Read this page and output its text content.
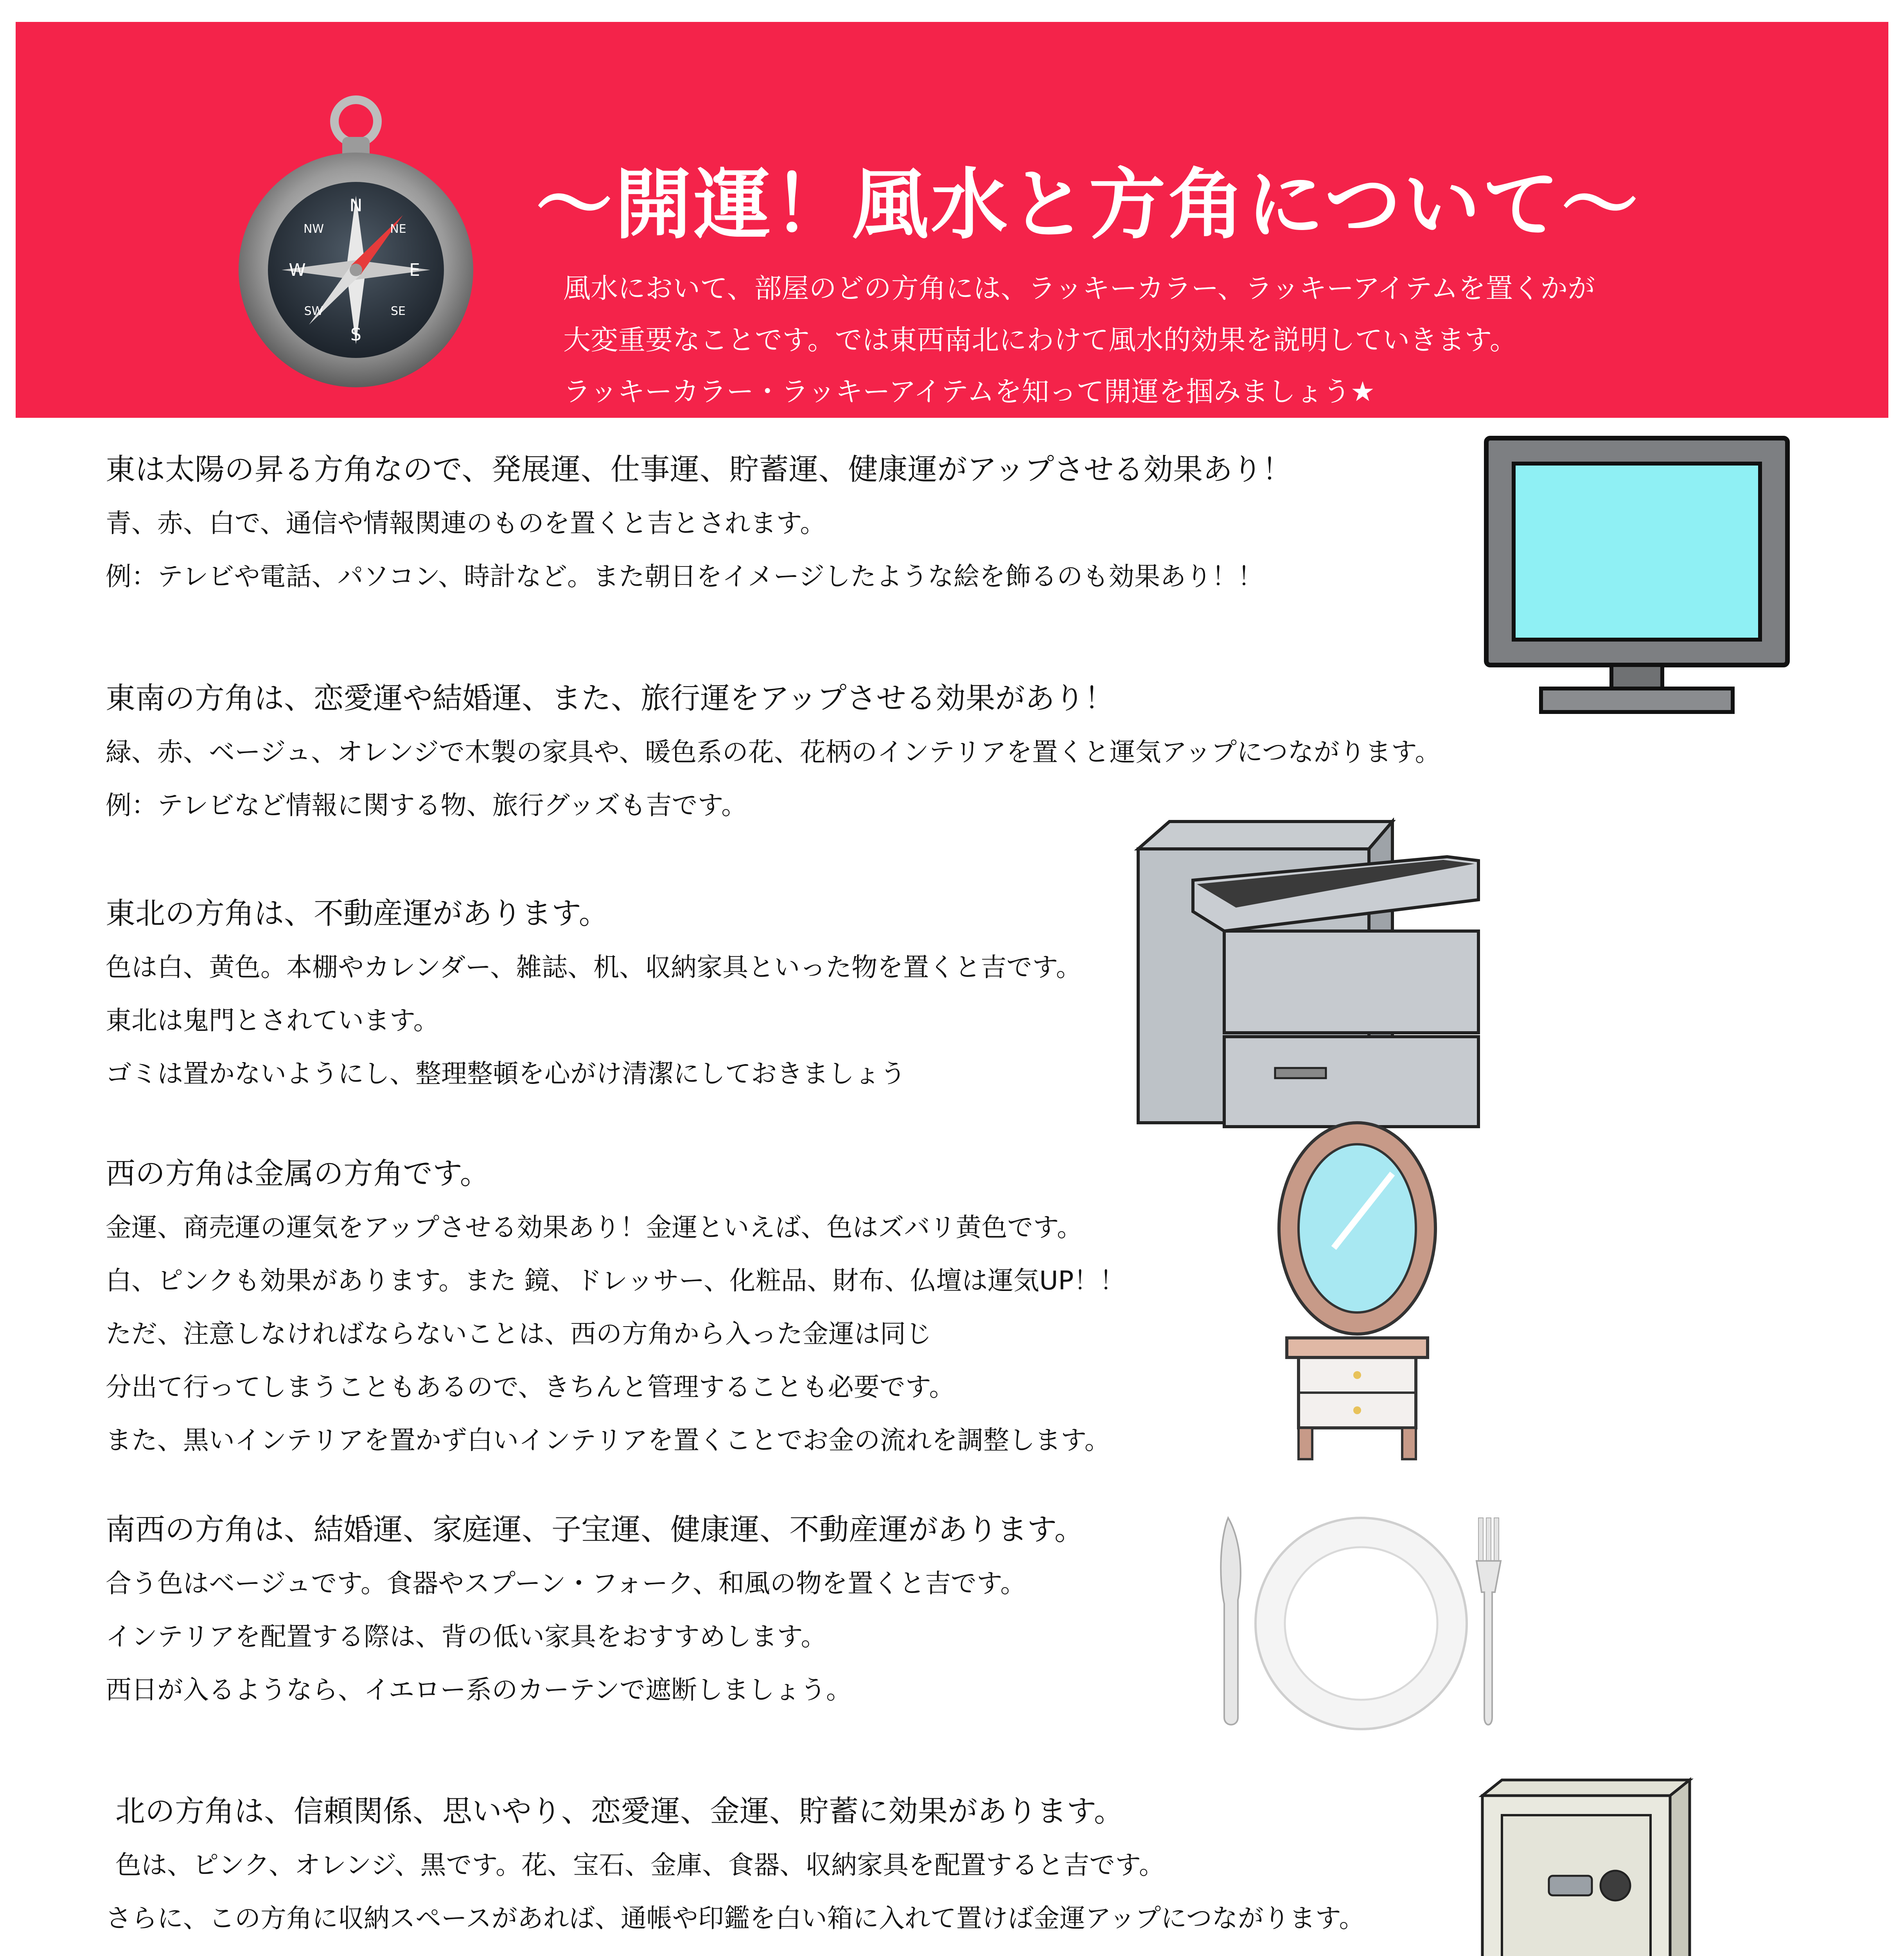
N
E
S
W
NE
SE
SW
NW	〜開運！風水と方角について〜
風水において、部屋のどの方角には、ラッキーカラー、ラッキーアイテムを置くかが
大変重要なことです。では東西南北にわけて風水的効果を説明していきます。
ラッキーカラー・ラッキーアイテムを知って開運を掴みましょう★
東は太陽の昇る方角なので、発展運、仕事運、貯蓄運、健康運がアップさせる効果あり！
青、赤、白で、通信や情報関連のものを置くと吉とされます。
例：テレビや電話、パソコン、時計など。また朝日をイメージしたような絵を飾るのも効果あり！！
東南の方角は、恋愛運や結婚運、また、旅行運をアップさせる効果があり！
緑、赤、ベージュ、オレンジで木製の家具や、暖色系の花、花柄のインテリアを置くと運気アップにつながります。
例：テレビなど情報に関する物、旅行グッズも吉です。
東北の方角は、不動産運があります。
色は白、黄色。本棚やカレンダー、雑誌、机、収納家具といった物を置くと吉です。
東北は鬼門とされています。
ゴミは置かないようにし、整理整頓を心がけ清潔にしておきましょう
西の方角は金属の方角です。
金運、商売運の運気をアップさせる効果あり！金運といえば、色はズバリ黄色です。
白、ピンクも効果があります。また 鏡、ドレッサー、化粧品、財布、仏壇は運気UP！！
ただ、注意しなければならないことは、西の方角から入った金運は同じ
分出て行ってしまうこともあるので、きちんと管理することも必要です。
また、黒いインテリアを置かず白いインテリアを置くことでお金の流れを調整します。
南西の方角は、結婚運、家庭運、子宝運、健康運、不動産運があります。
合う色はベージュです。食器やスプーン・フォーク、和風の物を置くと吉です。
インテリアを配置する際は、背の低い家具をおすすめします。
西日が入るようなら、イエロー系のカーテンで遮断しましょう。
北の方角は、信頼関係、思いやり、恋愛運、金運、貯蓄に効果があります。
色は、ピンク、オレンジ、黒です。花、宝石、金庫、食器、収納家具を配置すると吉です。
さらに、この方角に収納スペースがあれば、通帳や印鑑を白い箱に入れて置けば金運アップにつながります。
